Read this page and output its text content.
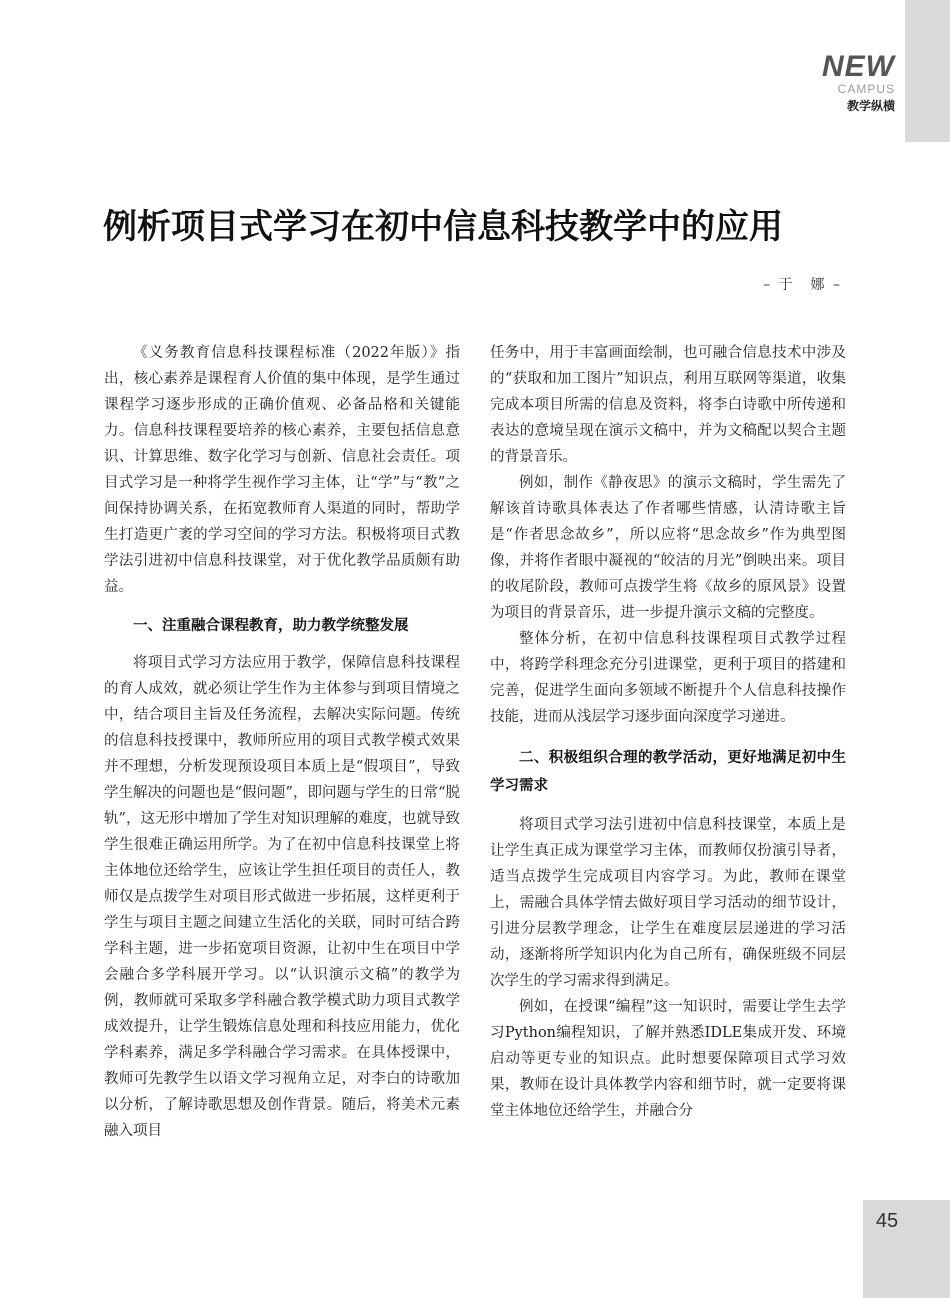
NEW
CAMPUS
教学纵横
例析项目式学习在初中信息科技教学中的应用
– 于　娜 –

《义务教育信息科技课程标准（2022年版）》指出，核心素养是课程育人价值的集中体现，是学生通过课程学习逐步形成的正确价值观、必备品格和关键能力。信息科技课程要培养的核心素养，主要包括信息意识、计算思维、数字化学习与创新、信息社会责任。项目式学习是一种将学生视作学习主体，让“学”与“教”之间保持协调关系，在拓宽教师育人渠道的同时，帮助学生打造更广袤的学习空间的学习方法。积极将项目式教学法引进初中信息科技课堂，对于优化教学品质颇有助益。

一、注重融合课程教育，助力教学统整发展

将项目式学习方法应用于教学，保障信息科技课程的育人成效，就必须让学生作为主体参与到项目情境之中，结合项目主旨及任务流程，去解决实际问题。传统的信息科技授课中，教师所应用的项目式教学模式效果并不理想，分析发现预设项目本质上是“假项目”，导致学生解决的问题也是“假问题”，即问题与学生的日常“脱轨”，这无形中增加了学生对知识理解的难度，也就导致学生很难正确运用所学。为了在初中信息科技课堂上将主体地位还给学生，应该让学生担任项目的责任人，教师仅是点拨学生对项目形式做进一步拓展，这样更利于学生与项目主题之间建立生活化的关联，同时可结合跨学科主题，进一步拓宽项目资源，让初中生在项目中学会融合多学科展开学习。以“认识演示文稿”的教学为例，教师就可采取多学科融合教学模式助力项目式教学成效提升，让学生锻炼信息处理和科技应用能力，优化学科素养，满足多学科融合学习需求。在具体授课中，教师可先教学生以语文学习视角立足，对李白的诗歌加以分析，了解诗歌思想及创作背景。随后，将美术元素融入项目

任务中，用于丰富画面绘制，也可融合信息技术中涉及的“获取和加工图片”知识点，利用互联网等渠道，收集完成本项目所需的信息及资料，将李白诗歌中所传递和表达的意境呈现在演示文稿中，并为文稿配以契合主题的背景音乐。

例如，制作《静夜思》的演示文稿时，学生需先了解该首诗歌具体表达了作者哪些情感，认清诗歌主旨是“作者思念故乡”，所以应将“思念故乡”作为典型图像，并将作者眼中凝视的“皎洁的月光”倒映出来。项目的收尾阶段，教师可点拨学生将《故乡的原风景》设置为项目的背景音乐，进一步提升演示文稿的完整度。

整体分析，在初中信息科技课程项目式教学过程中，将跨学科理念充分引进课堂，更利于项目的搭建和完善，促进学生面向多领域不断提升个人信息科技操作技能，进而从浅层学习逐步面向深度学习递进。

二、积极组织合理的教学活动，更好地满足初中生学习需求

将项目式学习法引进初中信息科技课堂，本质上是让学生真正成为课堂学习主体，而教师仅扮演引导者，适当点拨学生完成项目内容学习。为此，教师在课堂上，需融合具体学情去做好项目学习活动的细节设计，引进分层教学理念，让学生在难度层层递进的学习活动，逐渐将所学知识内化为自己所有，确保班级不同层次学生的学习需求得到满足。

例如，在授课“编程”这一知识时，需要让学生去学习Python编程知识，了解并熟悉IDLE集成开发、环境启动等更专业的知识点。此时想要保障项目式学习效果，教师在设计具体教学内容和细节时，就一定要将课堂主体地位还给学生，并融合分

45
